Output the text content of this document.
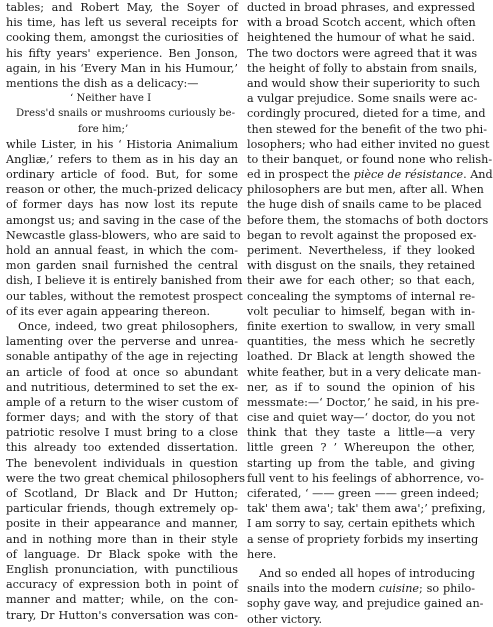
tables; and Robert May, the Soyer of
his time, has left us several receipts for
cooking them, amongst the curiosities of
his fifty years' experience. Ben Jonson,
again, in his ‘Every Man in his Humour,’
mentions the dish as a delicacy:—
‘ Neither have I
Dress'd snails or mushrooms curiously be-
fore him;’
while Lister, in his ‘ Historia Animalium
Angliæ,’ refers to them as in his day an
ordinary article of food. But, for some
reason or other, the much-prized delicacy
of former days has now lost its repute
amongst us; and saving in the case of the
Newcastle glass-blowers, who are said to
hold an annual feast, in which the com-
mon garden snail furnished the central
dish, I believe it is entirely banished from
our tables, without the remotest prospect
of its ever again appearing thereon.
Once, indeed, two great philosophers,
lamenting over the perverse and unrea-
sonable antipathy of the age in rejecting
an article of food at once so abundant
and nutritious, determined to set the ex-
ample of a return to the wiser custom of
former days; and with the story of that
patriotic resolve I must bring to a close
this already too extended dissertation.
The benevolent individuals in question
were the two great chemical philosophers
of Scotland, Dr Black and Dr Hutton;
particular friends, though extremely op-
posite in their appearance and manner,
and in nothing more than in their style
of language. Dr Black spoke with the
English pronunciation, with punctilious
accuracy of expression both in point of
manner and matter; while, on the con-
trary, Dr Hutton's conversation was con-
ducted in broad phrases, and expressed
with a broad Scotch accent, which often
heightened the humour of what he said.
The two doctors were agreed that it was
the height of folly to abstain from snails,
and would show their superiority to such
a vulgar prejudice. Some snails were ac-
cordingly procured, dieted for a time, and
then stewed for the benefit of the two phi-
losophers; who had either invited no guest
to their banquet, or found none who relish-
ed in prospect the pièce de résistance. And
philosophers are but men, after all. When
the huge dish of snails came to be placed
before them, the stomachs of both doctors
began to revolt against the proposed ex-
periment. Nevertheless, if they looked
with disgust on the snails, they retained
their awe for each other; so that each,
concealing the symptoms of internal re-
volt peculiar to himself, began with in-
finite exertion to swallow, in very small
quantities, the mess which he secretly
loathed. Dr Black at length showed the
white feather, but in a very delicate man-
ner, as if to sound the opinion of his
messmate:—‘ Doctor,’ he said, in his pre-
cise and quiet way—‘ doctor, do you not
think that they taste a little—a very
little green ? ’ Whereupon the other,
starting up from the table, and giving
full vent to his feelings of abhorrence, vo-
ciferated, ‘ —— green —— green indeed;
tak' them awa'; tak' them awa';’ prefixing,
I am sorry to say, certain epithets which
a sense of propriety forbids my inserting
here.
And so ended all hopes of introducing
snails into the modern cuisine; so philo-
sophy gave way, and prejudice gained an-
other victory.
